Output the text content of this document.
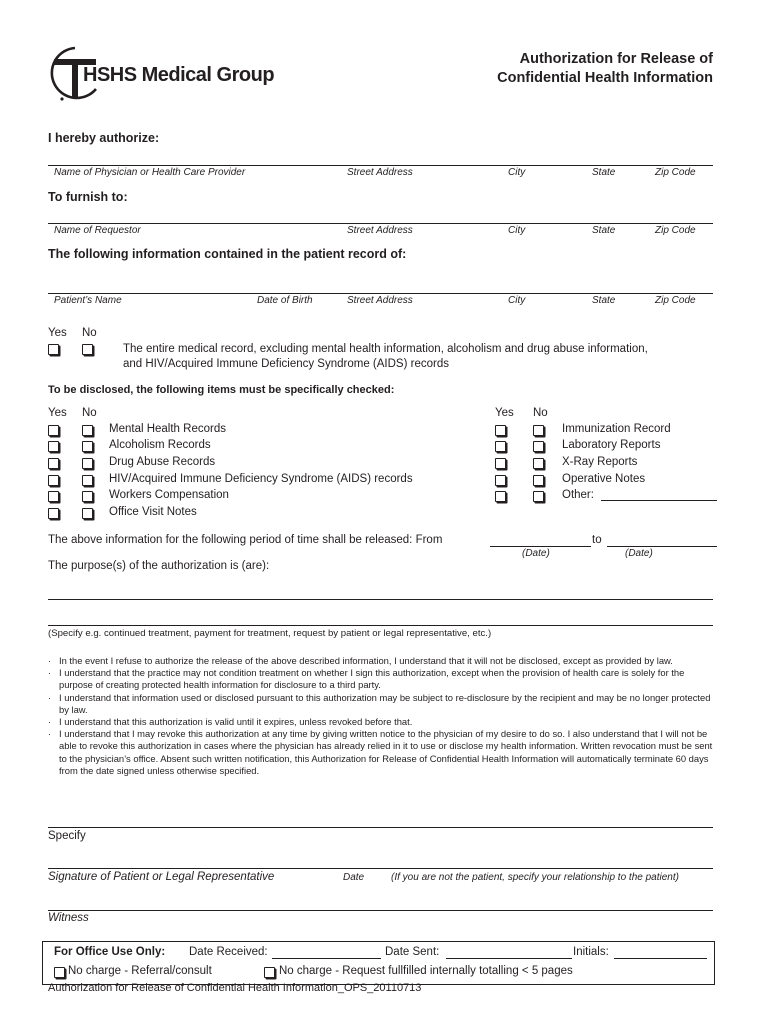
HSHS Medical Group
Authorization for Release of
Confidential Health Information
I hereby authorize:
Name of Physician or Health Care Provider	Street Address	City	State	Zip Code
To furnish to:
Name of Requestor	Street Address	City	State	Zip Code
The following information contained in the patient record of:
Patient’s Name	Date of Birth	Street Address	City	State	Zip Code
Yes No
The entire medical record, excluding mental health information, alcoholism and drug abuse information,
and HIV/Acquired Immune Deficiency Syndrome (AIDS) records
To be disclosed, the following items must be specifically checked:
Yes No
Mental Health Records
Alcoholism Records
Drug Abuse Records
HIV/Acquired Immune Deficiency Syndrome (AIDS) records
Workers Compensation
Office Visit Notes
Yes No
Immunization Record
Laboratory Reports
X-Ray Reports
Operative Notes
Other:
The above information for the following period of time shall be released: From	to
(Date)	(Date)
The purpose(s) of the authorization is (are):
(Specify e.g. continued treatment, payment for treatment, request by patient or legal representative, etc.)
· In the event I refuse to authorize the release of the above described information, I understand that it will not be disclosed, except as provided by law.
· I understand that the practice may not condition treatment on whether I sign this authorization, except when the provision of health care is solely for the purpose of creating protected health information for disclosure to a third party.
· I understand that information used or disclosed pursuant to this authorization may be subject to re-disclosure by the recipient and may be no longer protected by law.
· I understand that this authorization is valid until it expires, unless revoked before that.
· I understand that I may revoke this authorization at any time by giving written notice to the physician of my desire to do so. I also understand that I will not be able to revoke this authorization in cases where the physician has already relied in it to use or disclose my health information. Written revocation must be sent to the physician’s office. Absent such written notification, this Authorization for Release of Confidential Health Information will automatically terminate 60 days from the date signed unless otherwise specified.
Specify
Signature of Patient or Legal Representative	Date	(If you are not the patient, specify your relationship to the patient)
Witness
For Office Use Only: Date Received:	Date Sent:	Initials:
No charge - Referral/consult	No charge - Request fullfilled internally totalling < 5 pages
Authorization for Release of Confidential Health Information_OPS_20110713
